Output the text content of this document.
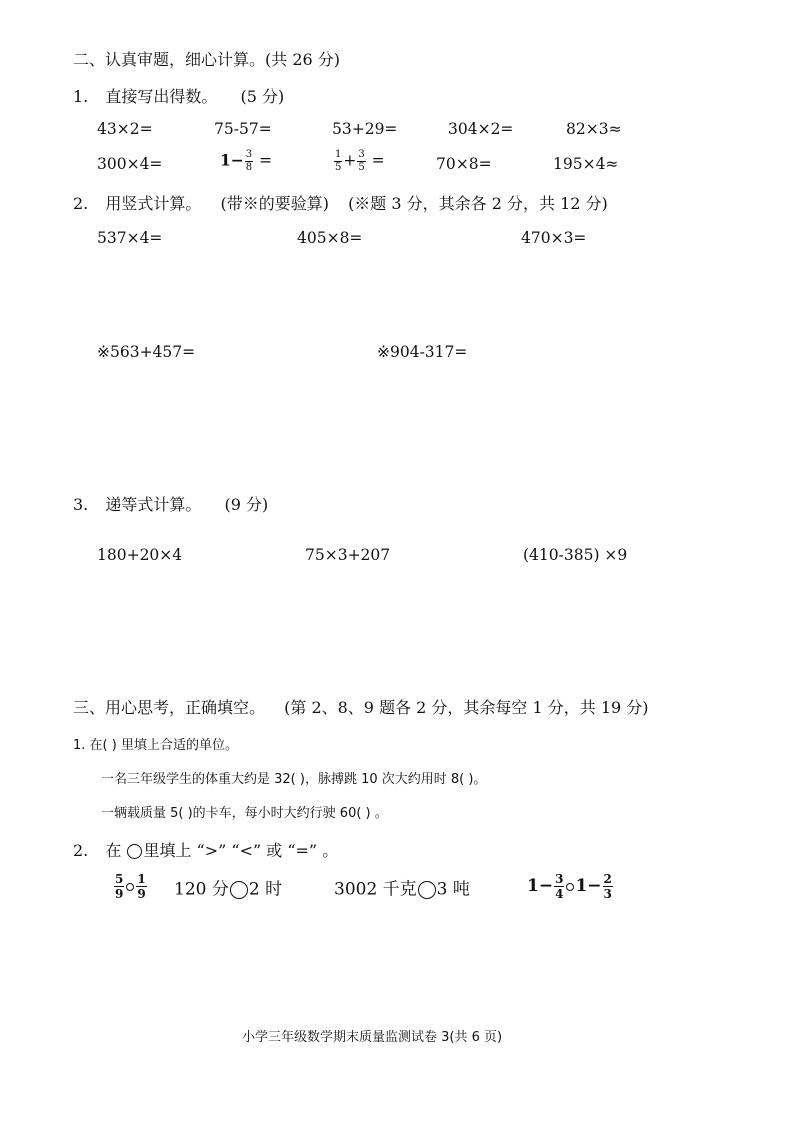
二、认真审题，细心计算。(共 26 分)
1. 直接写出得数。 (5 分)
43×2=	75-57=	53+29=	304×2=	82×3≈
300×4=	$1- \frac{3}{8}$ =	$\frac{1}{5} + \frac{3}{5}$ =	70×8=	195×4≈
2. 用竖式计算。 (带※的要验算) (※题 3 分，其余各 2 分，共 12 分)
537×4=	405×8=	470×3=
※563+457=	※904-317=
3. 递等式计算。 (9 分)
180+20×4	75×3+207	(410-385) ×9
三、用心思考，正确填空。 (第 2、8、9 题各 2 分，其余每空 1 分，共 19 分)
1. 在( ) 里填上合适的单位。
一名三年级学生的体重大约是 32( )，脉搏跳 10 次大约用时 8( )。
一辆载质量 5( )的卡车，每小时大约行驶 60( ) 。
2. 在 里填上 “>” “<” 或 “=” 。
$\frac{5}{9} \frac{1}{9} 120$ 分 2 时	3002 千克 3 吨	$1- \frac{3}{4} 1- \frac{2}{3}$
小学三年级数学期末质量监测试卷 3(共 6 页)
